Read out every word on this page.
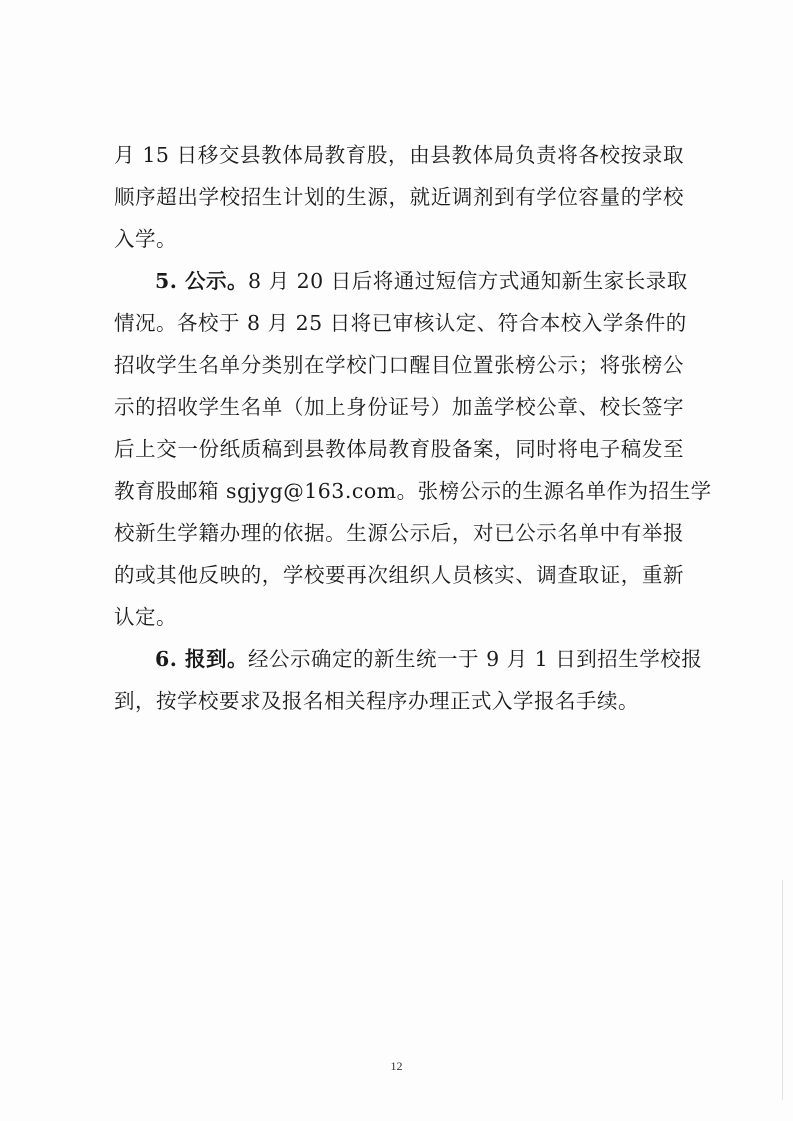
月 15 日移交县教体局教育股，由县教体局负责将各校按录取
顺序超出学校招生计划的生源，就近调剂到有学位容量的学校
入学。
5. 公示。8 月 20 日后将通过短信方式通知新生家长录取
情况。各校于 8 月 25 日将已审核认定、符合本校入学条件的
招收学生名单分类别在学校门口醒目位置张榜公示；将张榜公
示的招收学生名单（加上身份证号）加盖学校公章、校长签字
后上交一份纸质稿到县教体局教育股备案，同时将电子稿发至
教育股邮箱 sgjyg@163.com。张榜公示的生源名单作为招生学
校新生学籍办理的依据。生源公示后，对已公示名单中有举报
的或其他反映的，学校要再次组织人员核实、调查取证，重新
认定。
6. 报到。经公示确定的新生统一于 9 月 1 日到招生学校报
到，按学校要求及报名相关程序办理正式入学报名手续。
12
